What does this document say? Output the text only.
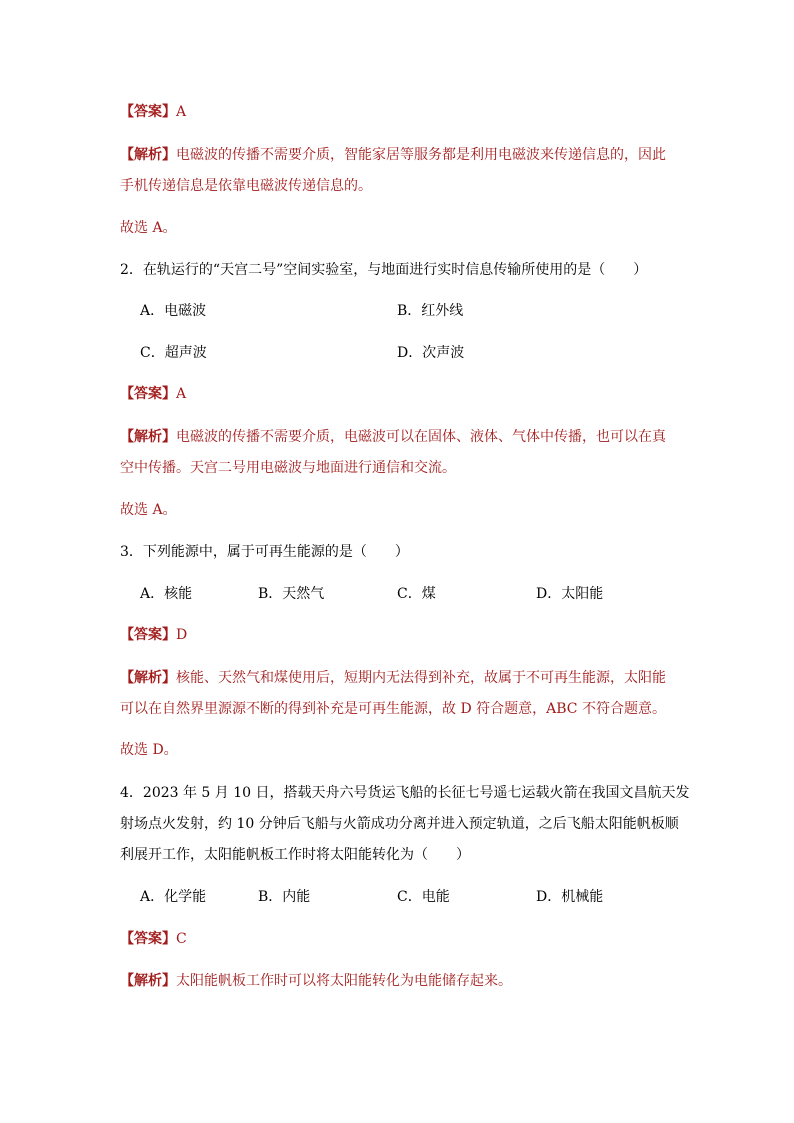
【答案】A
【解析】电磁波的传播不需要介质，智能家居等服务都是利用电磁波来传递信息的，因此
手机传递信息是依靠电磁波传递信息的。
故选 A。
2．在轨运行的“天宫二号”空间实验室，与地面进行实时信息传输所使用的是（　　）
A．电磁波	B．红外线
C．超声波	D．次声波
【答案】A
【解析】电磁波的传播不需要介质，电磁波可以在固体、液体、气体中传播，也可以在真
空中传播。天宫二号用电磁波与地面进行通信和交流。
故选 A。
3．下列能源中，属于可再生能源的是（　　）
A．核能	B．天然气	C．煤	D．太阳能
【答案】D
【解析】核能、天然气和煤使用后，短期内无法得到补充，故属于不可再生能源，太阳能
可以在自然界里源源不断的得到补充是可再生能源，故 D 符合题意，ABC 不符合题意。
故选 D。
4．2023 年 5 月 10 日，搭载天舟六号货运飞船的长征七号遥七运载火箭在我国文昌航天发
射场点火发射，约 10 分钟后飞船与火箭成功分离并进入预定轨道，之后飞船太阳能帆板顺
利展开工作，太阳能帆板工作时将太阳能转化为（　　）
A．化学能	B．内能	C．电能	D．机械能
【答案】C
【解析】太阳能帆板工作时可以将太阳能转化为电能储存起来。
